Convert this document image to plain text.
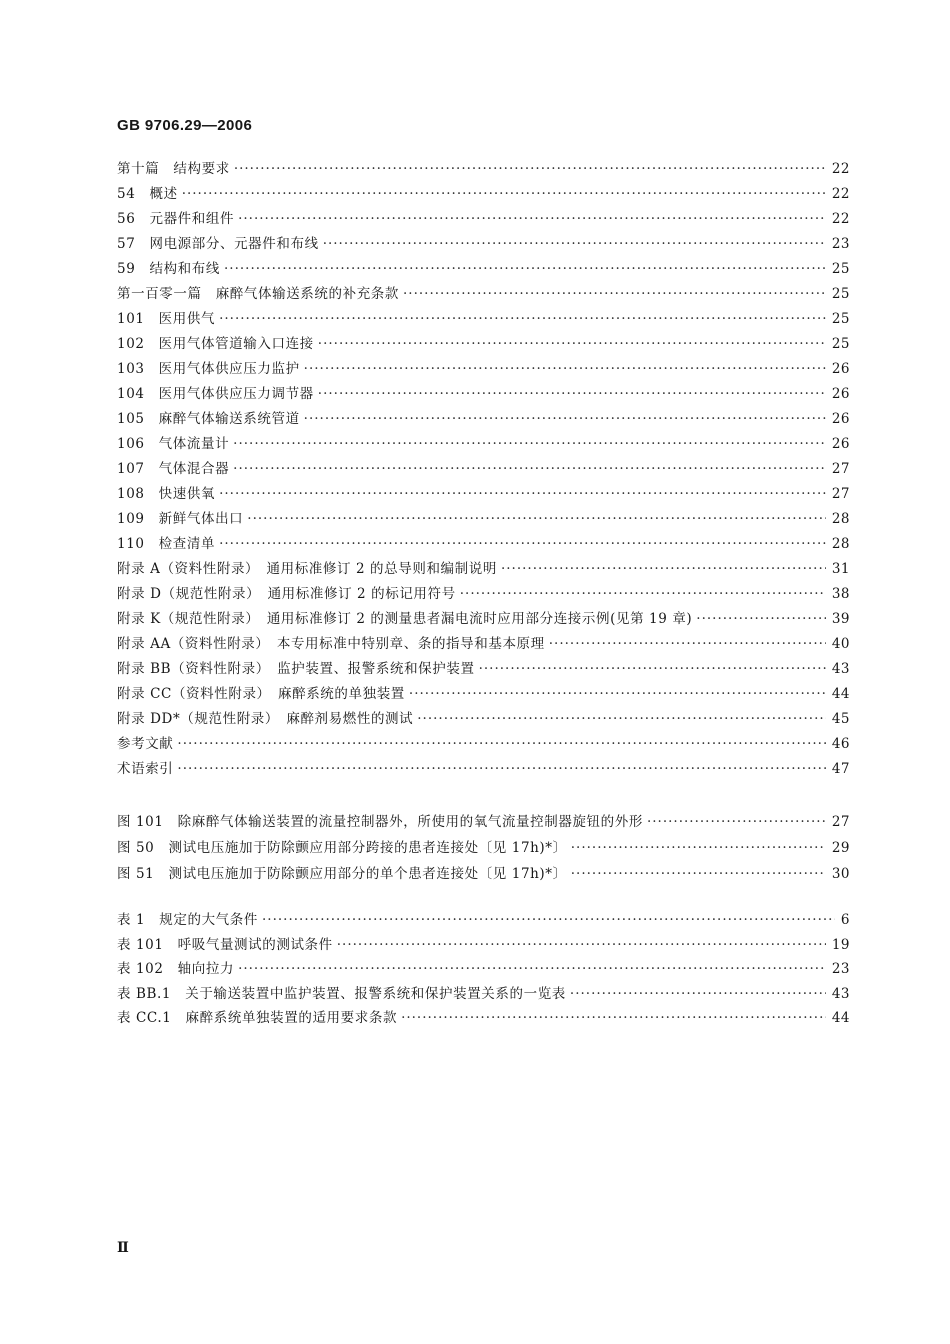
GB 9706.29—2006
第十篇　结构要求 ·····	22
54　概述 ·····	22
56　元器件和组件 ·····	22
57　网电源部分、元器件和布线 ·····	23
59　结构和布线 ·····	25
第一百零一篇　麻醉气体输送系统的补充条款 ·····	25
101　医用供气 ·····	25
102　医用气体管道输入口连接 ·····	25
103　医用气体供应压力监护 ·····	26
104　医用气体供应压力调节器 ·····	26
105　麻醉气体输送系统管道 ·····	26
106　气体流量计 ·····	26
107　气体混合器 ·····	27
108　快速供氧 ·····	27
109　新鲜气体出口 ·····	28
110　检查清单 ·····	28
附录 A（资料性附录）　通用标准修订 2 的总导则和编制说明 ·····	31
附录 D（规范性附录）　通用标准修订 2 的标记用符号 ·····	38
附录 K（规范性附录）　通用标准修订 2 的测量患者漏电流时应用部分连接示例(见第 19 章) ·····	39
附录 AA（资料性附录）　本专用标准中特别章、条的指导和基本原理 ·····	40
附录 BB（资料性附录）　监护装置、报警系统和保护装置 ·····	43
附录 CC（资料性附录）　麻醉系统的单独装置 ·····	44
附录 DD*（规范性附录）　麻醉剂易燃性的测试 ·····	45
参考文献 ·····	46
术语索引 ·····	47
图 101　除麻醉气体输送装置的流量控制器外，所使用的氧气流量控制器旋钮的外形 ·····	27
图 50　测试电压施加于防除颤应用部分跨接的患者连接处〔见 17h)*〕 ·····	29
图 51　测试电压施加于防除颤应用部分的单个患者连接处〔见 17h)*〕 ·····	30
表 1　规定的大气条件 ·····	6
表 101　呼吸气量测试的测试条件 ·····	19
表 102　轴向拉力 ·····	23
表 BB.1　关于输送装置中监护装置、报警系统和保护装置关系的一览表 ·····	43
表 CC.1　麻醉系统单独装置的适用要求条款 ·····	44
Ⅱ
